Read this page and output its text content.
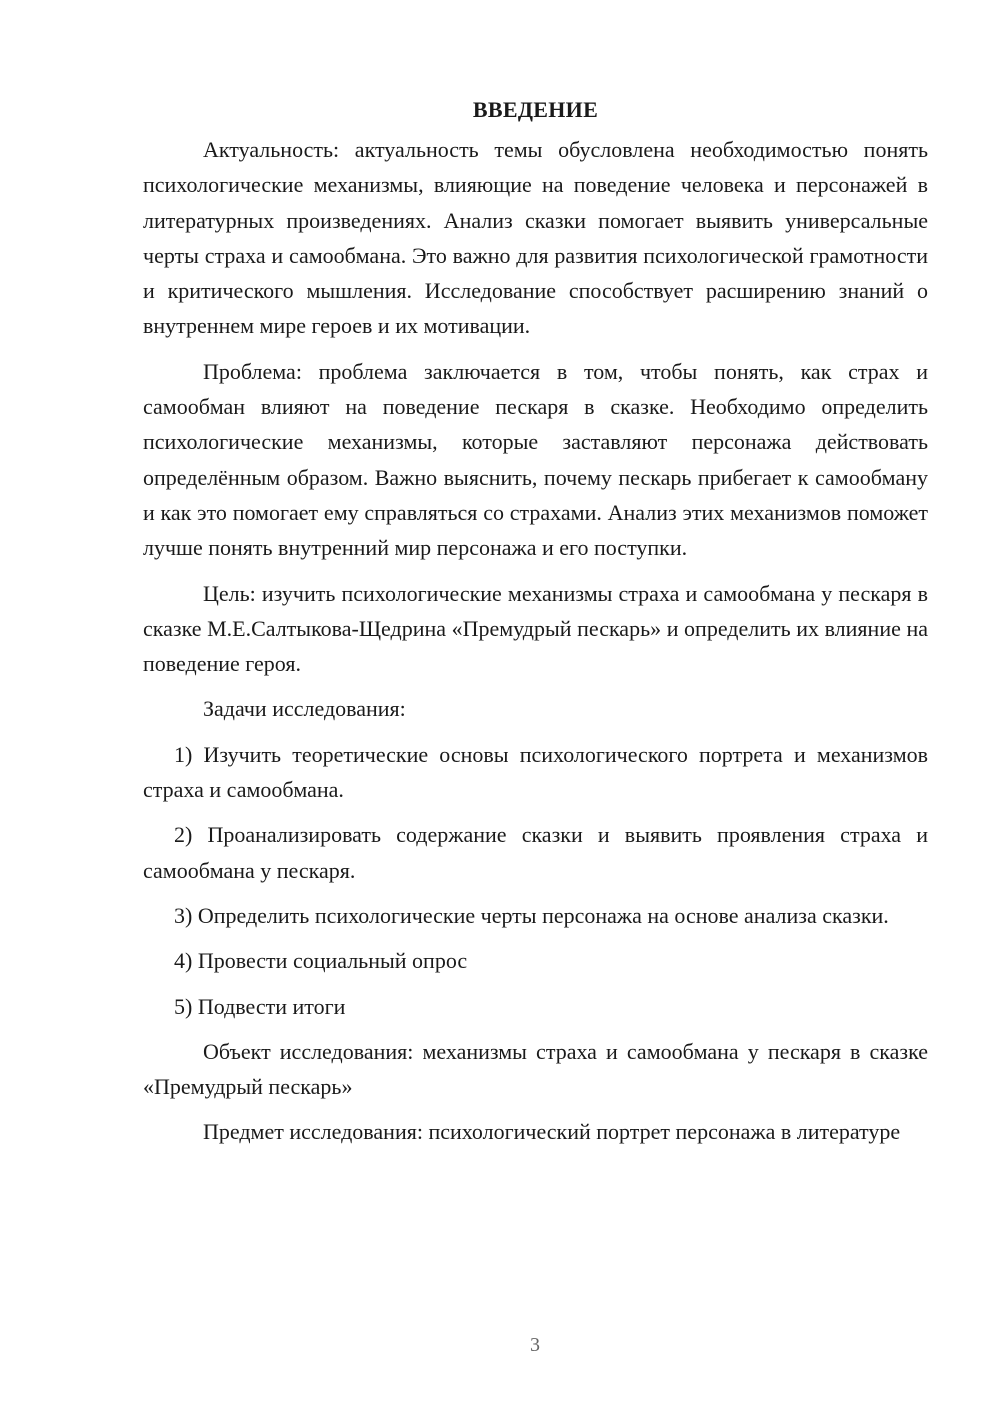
ВВЕДЕНИЕ

Актуальность: актуальность темы обусловлена необходимостью понять психологические механизмы, влияющие на поведение человека и персонажей в литературных произведениях. Анализ сказки помогает выявить универсальные черты страха и самообмана. Это важно для развития психологической грамотности и критического мышления. Исследование способствует расширению знаний о внутреннем мире героев и их мотивации.

Проблема: проблема заключается в том, чтобы понять, как страх и самообман влияют на поведение пескаря в сказке. Необходимо определить психологические механизмы, которые заставляют персонажа действовать определённым образом. Важно выяснить, почему пескарь прибегает к самообману и как это помогает ему справляться со страхами. Анализ этих механизмов поможет лучше понять внутренний мир персонажа и его поступки.

Цель: изучить психологические механизмы страха и самообмана у пескаря в сказке М.Е.Салтыкова-Щедрина «Премудрый пескарь» и определить их влияние на поведение героя.

Задачи исследования:

1) Изучить теоретические основы психологического портрета и механизмов страха и самообмана.

2) Проанализировать содержание сказки и выявить проявления страха и самообмана у пескаря.

3) Определить психологические черты персонажа на основе анализа сказки.

4) Провести социальный опрос

5) Подвести итоги

Объект исследования: механизмы страха и самообмана у пескаря в сказке «Премудрый пескарь»

Предмет исследования: психологический портрет персонажа в литературе

3
